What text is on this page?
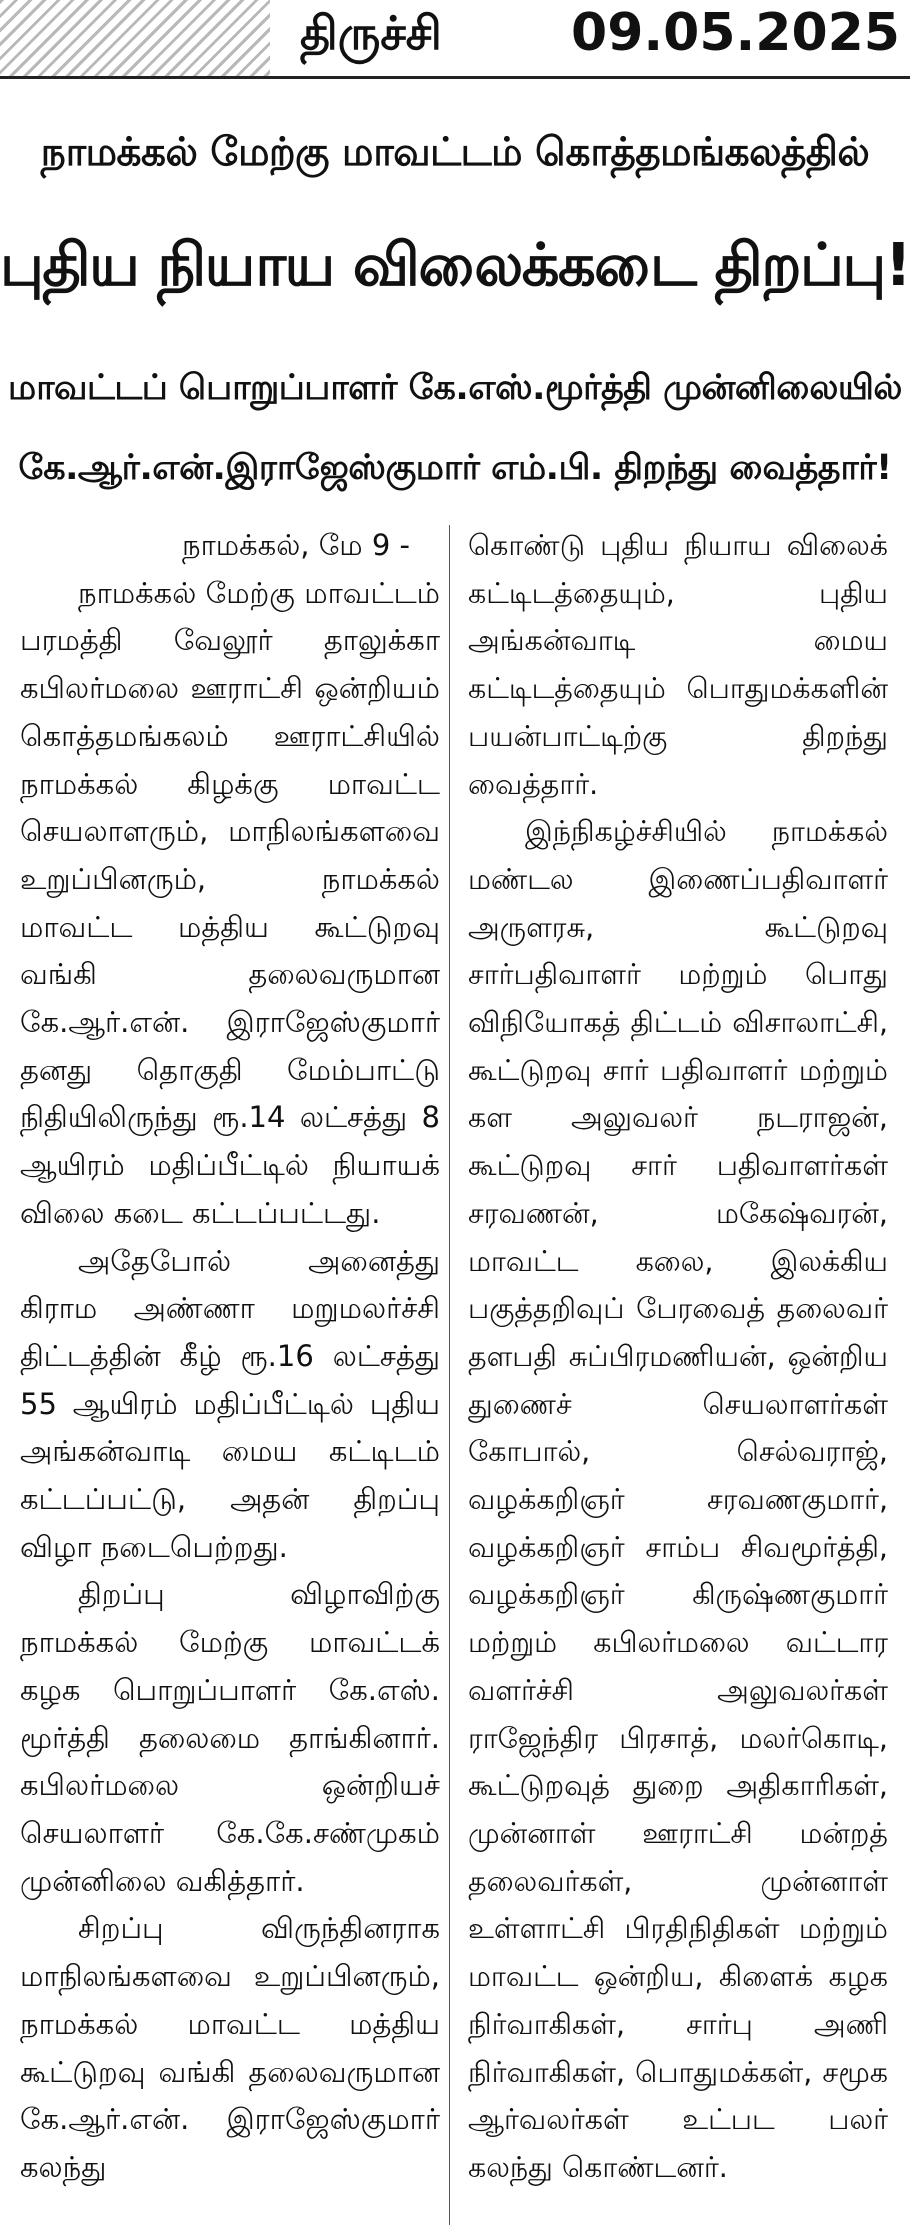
திருச்சி 09.05.2025
நாமக்கல் மேற்கு மாவட்டம் கொத்தமங்கலத்தில்
புதிய நியாய விலைக்கடை திறப்பு!
மாவட்டப் பொறுப்பாளர் கே.எஸ்.மூர்த்தி முன்னிலையில்
கே.ஆர்.என்.இராஜேஸ்குமார் எம்.பி. திறந்து வைத்தார்!

நாமக்கல், மே 9 -

நாமக்கல் மேற்கு மாவட்டம் பரமத்தி வேலூர் தாலுக்கா கபிலர்மலை ஊராட்சி ஒன்றியம் கொத்தமங்கலம் ஊராட்சியில் நாமக்கல் கிழக்கு மாவட்ட செயலாளரும், மாநிலங்களவை உறுப்பினரும், நாமக்கல் மாவட்ட மத்திய கூட்டுறவு வங்கி தலைவருமான கே.ஆர்.என். இராஜேஸ்குமார் தனது தொகுதி மேம்பாட்டு நிதியிலிருந்து ரூ.14 லட்சத்து 8 ஆயிரம் மதிப்பீட்டில் நியாயக் விலை கடை கட்டப்பட்டது.

அதேபோல் அனைத்து கிராம அண்ணா மறுமலர்ச்சி திட்டத்தின் கீழ் ரூ.16 லட்சத்து 55 ஆயிரம் மதிப்பீட்டில் புதிய அங்கன்வாடி மைய கட்டிடம் கட்டப்பட்டு, அதன் திறப்பு விழா நடைபெற்றது.

திறப்பு விழாவிற்கு நாமக்கல் மேற்கு மாவட்டக் கழக பொறுப்பாளர் கே.எஸ். மூர்த்தி தலைமை தாங்கினார். கபிலர்மலை ஒன்றியச் செயலாளர் கே.கே.சண்முகம் முன்னிலை வகித்தார்.

சிறப்பு விருந்தினராக மாநிலங்களவை உறுப்பினரும், நாமக்கல் மாவட்ட மத்திய கூட்டுறவு வங்கி தலைவருமான கே.ஆர்.என். இராஜேஸ்குமார் கலந்து

கொண்டு புதிய நியாய விலைக் கட்டிடத்தையும், புதிய அங்கன்வாடி மைய கட்டிடத்தையும் பொதுமக்களின் பயன்பாட்டிற்கு திறந்து வைத்தார்.

இந்நிகழ்ச்சியில் நாமக்கல் மண்டல இணைப்பதிவாளர் அருளரசு, கூட்டுறவு சார்பதிவாளர் மற்றும் பொது விநியோகத் திட்டம் விசாலாட்சி, கூட்டுறவு சார் பதிவாளர் மற்றும் கள அலுவலர் நடராஜன், கூட்டுறவு சார் பதிவாளர்கள் சரவணன், மகேஷ்வரன், மாவட்ட கலை, இலக்கிய பகுத்தறிவுப் பேரவைத் தலைவர் தளபதி சுப்பிரமணியன், ஒன்றிய துணைச் செயலாளர்கள் கோபால், செல்வராஜ், வழக்கறிஞர் சரவணகுமார், வழக்கறிஞர் சாம்ப சிவமூர்த்தி, வழக்கறிஞர் கிருஷ்ணகுமார் மற்றும் கபிலர்மலை வட்டார வளர்ச்சி அலுவலர்கள் ராஜேந்திர பிரசாத், மலர்கொடி, கூட்டுறவுத் துறை அதிகாரிகள், முன்னாள் ஊராட்சி மன்றத் தலைவர்கள், முன்னாள் உள்ளாட்சி பிரதிநிதிகள் மற்றும் மாவட்ட ஒன்றிய, கிளைக் கழக நிர்வாகிகள், சார்பு அணி நிர்வாகிகள், பொதுமக்கள், சமூக ஆர்வலர்கள் உட்பட பலர் கலந்து கொண்டனர்.
